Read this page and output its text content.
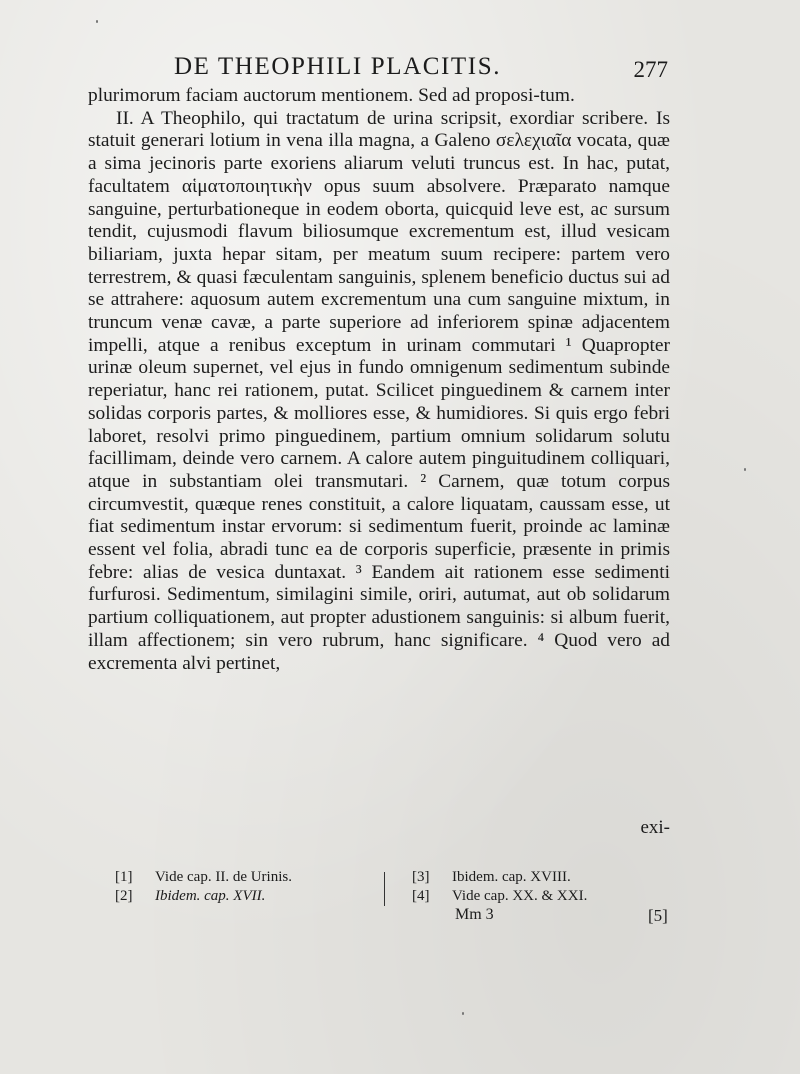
DE THEOPHILI PLACITIS.	277

plurimorum faciam auctorum mentionem. Sed ad proposi-tum.

II. A Theophilo, qui tractatum de urina scripsit, exordiar scribere. Is statuit generari lotium in vena illa magna, a Galeno σελεχιαῖα vocata, quæ a sima jecinoris parte exoriens aliarum veluti truncus est. In hac, putat, facultatem αἱματοποιητικὴν opus suum absolvere. Præparato namque sanguine, perturbationeque in eodem oborta, quicquid leve est, ac sursum tendit, cujusmodi flavum biliosumque excrementum est, illud vesicam biliariam, juxta hepar sitam, per meatum suum recipere: partem vero terrestrem, & quasi fæculentam sanguinis, splenem beneficio ductus sui ad se attrahere: aquosum autem excrementum una cum sanguine mixtum, in truncum venæ cavæ, a parte superiore ad inferiorem spinæ adjacentem impelli, atque a renibus exceptum in urinam commutari ¹ Quapropter urinæ oleum supernet, vel ejus in fundo omnigenum sedimentum subinde reperiatur, hanc rei rationem, putat. Scilicet pinguedinem & carnem inter solidas corporis partes, & molliores esse, & humidiores. Si quis ergo febri laboret, resolvi primo pinguedinem, partium omnium solidarum solutu facillimam, deinde vero carnem. A calore autem pinguitudinem colliquari, atque in substantiam olei transmutari. ² Carnem, quæ totum corpus circumvestit, quæque renes constituit, a calore liquatam, caussam esse, ut fiat sedimentum instar ervorum: si sedimentum fuerit, proinde ac laminæ essent vel folia, abradi tunc ea de corporis superficie, præsente in primis febre: alias de vesica duntaxat. ³ Eandem ait rationem esse sedimenti furfurosi. Sedimentum, similagini simile, oriri, autumat, aut ob solidarum partium colliquationem, aut propter adustionem sanguinis: si album fuerit, illam affectionem; sin vero rubrum, hanc significare. ⁴ Quod vero ad excrementa alvi pertinet,

exi-
[1] Vide cap. II. de Urinis.
[2] Ibidem. cap. XVII.
[3] Ibidem. cap. XVIII.
[4] Vide cap. XX. & XXI.
Mm 3	[5]
